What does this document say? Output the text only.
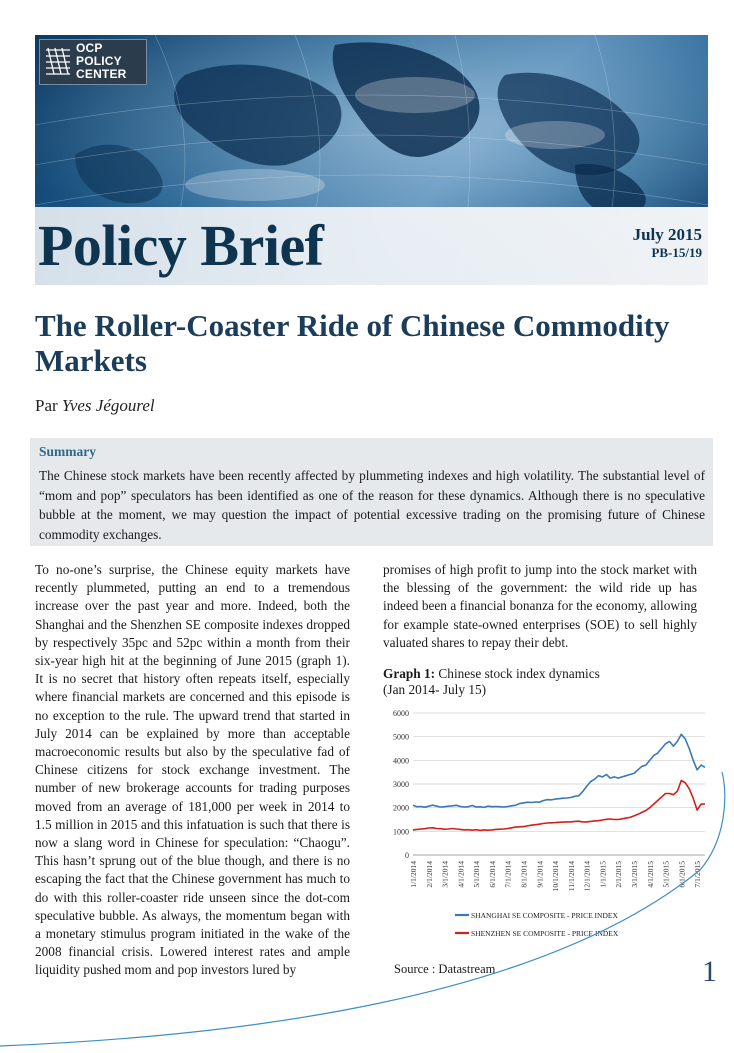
OCP
POLICY
CENTER
Policy Brief	July 2015
PB-15/19
The Roller-Coaster Ride of Chinese Commodity Markets
Par Yves Jégourel
Summary
The Chinese stock markets have been recently affected by plummeting indexes and high volatility. The substantial level of “mom and pop” speculators has been identified as one of the reason for these dynamics. Although there is no speculative bubble at the moment, we may question the impact of potential excessive trading on the promising future of Chinese commodity exchanges.

To no-one’s surprise, the Chinese equity markets have recently plummeted, putting an end to a tremendous increase over the past year and more. Indeed, both the Shanghai and the Shenzhen SE composite indexes dropped by respectively 35pc and 52pc within a month from their six-year high hit at the beginning of June 2015 (graph 1). It is no secret that history often repeats itself, especially where financial markets are concerned and this episode is no exception to the rule. The upward trend that started in July 2014 can be explained by more than acceptable macroeconomic results but also by the speculative fad of Chinese citizens for stock exchange investment. The number of new brokerage accounts for trading purposes moved from an average of 181,000 per week in 2014 to 1.5 million in 2015 and this infatuation is such that there is now a slang word in Chinese for speculation: “Chaogu”. This hasn’t sprung out of the blue though, and there is no escaping the fact that the Chinese government has much to do with this roller-coaster ride unseen since the dot-com speculative bubble. As always, the momentum began with a monetary stimulus program initiated in the wake of the 2008 financial crisis. Lowered interest rates and ample liquidity pushed mom and pop investors lured by

promises of high profit to jump into the stock market with the blessing of the government: the wild ride up has indeed been a financial bonanza for the economy, allowing for example state-owned enterprises (SOE) to sell highly valuated shares to repay their debt.

Graph 1: Chinese stock index dynamics
(Jan 2014- July 15)
0
1000
2000
3000
4000
5000
6000
1/1/2014 2/1/2014 3/1/2014 4/1/2014 5/1/2014 6/1/2014 7/1/2014 8/1/2014 9/1/2014 10/1/2014 11/1/2014 12/1/2014 1/1/2015 2/1/2015 3/1/2015 4/1/2015 5/1/2015 6/1/2015 7/1/2015
SHANGHAI SE COMPOSITE - PRICE INDEX
SHENZHEN SE COMPOSITE - PRICE INDEX
Source : Datastream	1
